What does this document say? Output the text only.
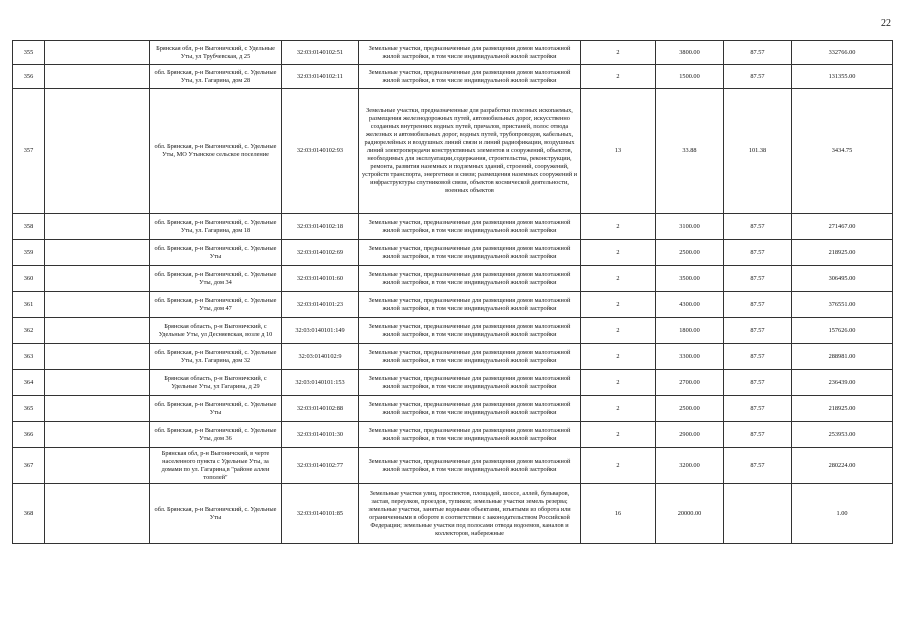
22
355		Брянская обл, р-н Выгоничский, с Удельные Уты, ул Трубчевская, д 25	32:03:0140102:51	Земельные участки, предназначенные для размещения домов малоэтажной жилой застройки, в том числе индивидуальной жилой застройки	2	3800.00	87.57	332766.00
356		обл. Брянская, р-н Выгоничский, с. Удельные Уты, ул. Гагарина, дом 28	32:03:0140102:11	Земельные участки, предназначенные для размещения домов малоэтажной жилой застройки, в том числе индивидуальной жилой застройки	2	1500.00	87.57	131355.00
357		обл. Брянская, р-н Выгоничский, с. Удельные Уты, МО Утынское сельское поселение	32:03:0140102:93	Земельные участки, предназначенные для разработки полезных ископаемых, размещения железнодорожных путей, автомобильных дорог, искусственно созданных внутренних водных путей, причалов, пристаней, полос отвода железных и автомобильных дорог, водных путей, трубопроводов, кабельных, радиорелейных и воздушных линий связи и линий радиофикации, воздушных линий электропередачи конструктивных элементов и сооружений, объектов, необходимых для эксплуатации,содержания, строительства, реконструкции, ремонта, развития наземных и подземных зданий, строений, сооружений, устройств транспорта, энергетики и связи; размещения наземных сооружений и инфраструктуры спутниковой связи, объектов космической деятельности, военных объектов	13	33.88	101.38	3434.75
358		обл. Брянская, р-н Выгоничский, с. Удельные Уты, ул. Гагарина, дом 18	32:03:0140102:18	Земельные участки, предназначенные для размещения домов малоэтажной жилой застройки, в том числе индивидуальной жилой застройки	2	3100.00	87.57	271467.00
359		обл. Брянская, р-н Выгоничский, с. Удельные Уты	32:03:0140102:69	Земельные участки, предназначенные для размещения домов малоэтажной жилой застройки, в том числе индивидуальной жилой застройки	2	2500.00	87.57	218925.00
360		обл. Брянская, р-н Выгоничский, с. Удельные Уты, дом 34	32:03:0140101:60	Земельные участки, предназначенные для размещения домов малоэтажной жилой застройки, в том числе индивидуальной жилой застройки	2	3500.00	87.57	306495.00
361		обл. Брянская, р-н Выгоничский, с. Удельные Уты, дом 47	32:03:0140101:23	Земельные участки, предназначенные для размещения домов малоэтажной жилой застройки, в том числе индивидуальной жилой застройки	2	4300.00	87.57	376551.00
362		Брянская область, р-н Выгоничский, с Удельные Уты, ул Десняевская, возле д 10	32:03:0140101:149	Земельные участки, предназначенные для размещения домов малоэтажной жилой застройки, в том числе индивидуальной жилой застройки	2	1800.00	87.57	157626.00
363		обл. Брянская, р-н Выгоничский, с. Удельные Уты, ул. Гагарина, дом 32	32:03:0140102:9	Земельные участки, предназначенные для размещения домов малоэтажной жилой застройки, в том числе индивидуальной жилой застройки	2	3300.00	87.57	288981.00
364		Брянская область, р-н Выгоничский, с Удельные Уты, ул Гагарина, д 29	32:03:0140101:153	Земельные участки, предназначенные для размещения домов малоэтажной жилой застройки, в том числе индивидуальной жилой застройки	2	2700.00	87.57	236439.00
365		обл. Брянская, р-н Выгоничский, с. Удельные Уты	32:03:0140102:88	Земельные участки, предназначенные для размещения домов малоэтажной жилой застройки, в том числе индивидуальной жилой застройки	2	2500.00	87.57	218925.00
366		обл. Брянская, р-н Выгоничский, с. Удельные Уты, дом 36	32:03:0140101:30	Земельные участки, предназначенные для размещения домов малоэтажной жилой застройки, в том числе индивидуальной жилой застройки	2	2900.00	87.57	253953.00
367		Брянская обл, р-н Выгоничский, в черте населенного пункта с Удельные Уты, за домами по ул. Гагарина,в "районе аллеи тополей"	32:03:0140102:77	Земельные участки, предназначенные для размещения домов малоэтажной жилой застройки, в том числе индивидуальной жилой застройки	2	3200.00	87.57	280224.00
368		обл. Брянская, р-н Выгоничский, с. Удельные Уты	32:03:0140101:85	Земельные участки улиц, проспектов, площадей, шоссе, аллей, бульваров, застав, переулков, проездов, тупиков; земельные участки земель резерва; земельные участки, занятые водными объектами, изъятыми из оборота или ограниченными в обороте в соответствии с законодательством Российской Федерации; земельные участки под полосами отвода водоемов, каналов и коллекторов, набережные	16	20000.00		1.00
